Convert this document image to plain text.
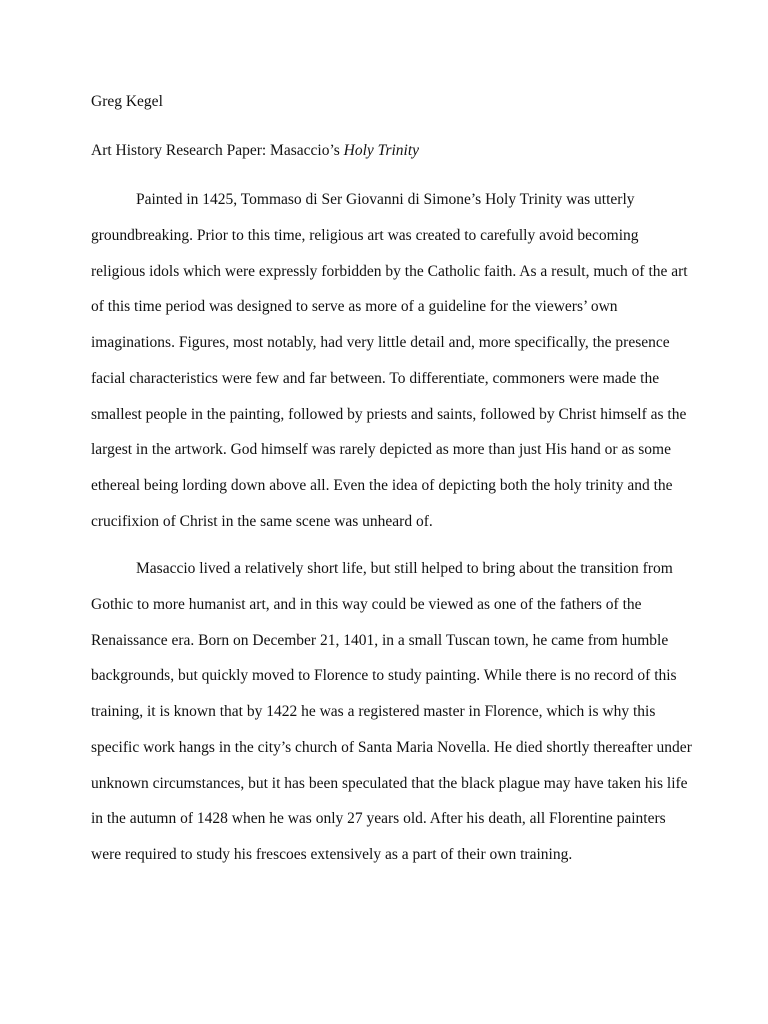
Greg Kegel

Art History Research Paper: Masaccio’s Holy Trinity

Painted in 1425, Tommaso di Ser Giovanni di Simone’s Holy Trinity was utterly
groundbreaking. Prior to this time, religious art was created to carefully avoid becoming
religious idols which were expressly forbidden by the Catholic faith. As a result, much of the art
of this time period was designed to serve as more of a guideline for the viewers’ own
imaginations. Figures, most notably, had very little detail and, more specifically, the presence
facial characteristics were few and far between. To differentiate, commoners were made the
smallest people in the painting, followed by priests and saints, followed by Christ himself as the
largest in the artwork. God himself was rarely depicted as more than just His hand or as some
ethereal being lording down above all. Even the idea of depicting both the holy trinity and the
crucifixion of Christ in the same scene was unheard of.
Masaccio lived a relatively short life, but still helped to bring about the transition from
Gothic to more humanist art, and in this way could be viewed as one of the fathers of the
Renaissance era. Born on December 21, 1401, in a small Tuscan town, he came from humble
backgrounds, but quickly moved to Florence to study painting. While there is no record of this
training, it is known that by 1422 he was a registered master in Florence, which is why this
specific work hangs in the city’s church of Santa Maria Novella. He died shortly thereafter under
unknown circumstances, but it has been speculated that the black plague may have taken his life
in the autumn of 1428 when he was only 27 years old. After his death, all Florentine painters
were required to study his frescoes extensively as a part of their own training.
